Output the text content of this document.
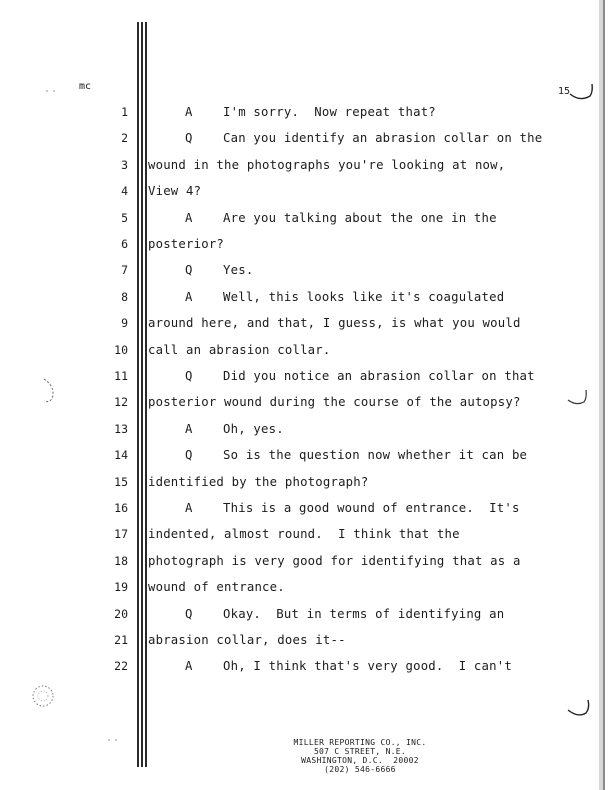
mc	15
1	A    I'm sorry.  Now repeat that?
2	Q    Can you identify an abrasion collar on the
3 wound in the photographs you're looking at now,
4 View 4?
5	A    Are you talking about the one in the
6 posterior?
7	Q    Yes.
8	A    Well, this looks like it's coagulated
9 around here, and that, I guess, is what you would
10 call an abrasion collar.
11	Q    Did you notice an abrasion collar on that
12 posterior wound during the course of the autopsy?
13	A    Oh, yes.
14	Q    So is the question now whether it can be
15 identified by the photograph?
16	A    This is a good wound of entrance.  It's
17 indented, almost round.  I think that the
18 photograph is very good for identifying that as a
19 wound of entrance.
20	Q    Okay.  But in terms of identifying an
21 abrasion collar, does it--
22	A    Oh, I think that's very good.  I can't
MILLER REPORTING CO., INC.
507 C STREET, N.E.
WASHINGTON, D.C.  20002
(202) 546-6666
